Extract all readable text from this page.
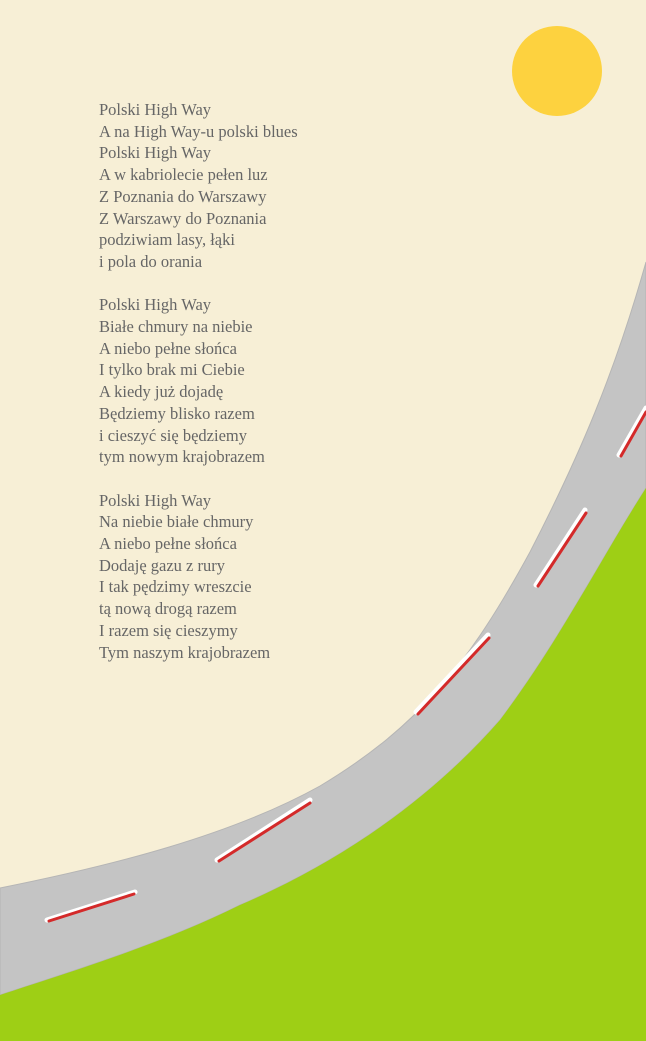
Polski High Way
A na High Way-u polski blues
Polski High Way
A w kabriolecie pełen luz
Z Poznania do Warszawy
Z Warszawy do Poznania
podziwiam lasy, łąki
i pola do orania
Polski High Way
Białe chmury na niebie
A niebo pełne słońca
I tylko brak mi Ciebie
A kiedy już dojadę
Będziemy blisko razem
i cieszyć się będziemy
tym nowym krajobrazem
Polski High Way
Na niebie białe chmury
A niebo pełne słońca
Dodaję gazu z rury
I tak pędzimy wreszcie
tą nową drogą razem
I razem się cieszymy
Tym naszym krajobrazem
